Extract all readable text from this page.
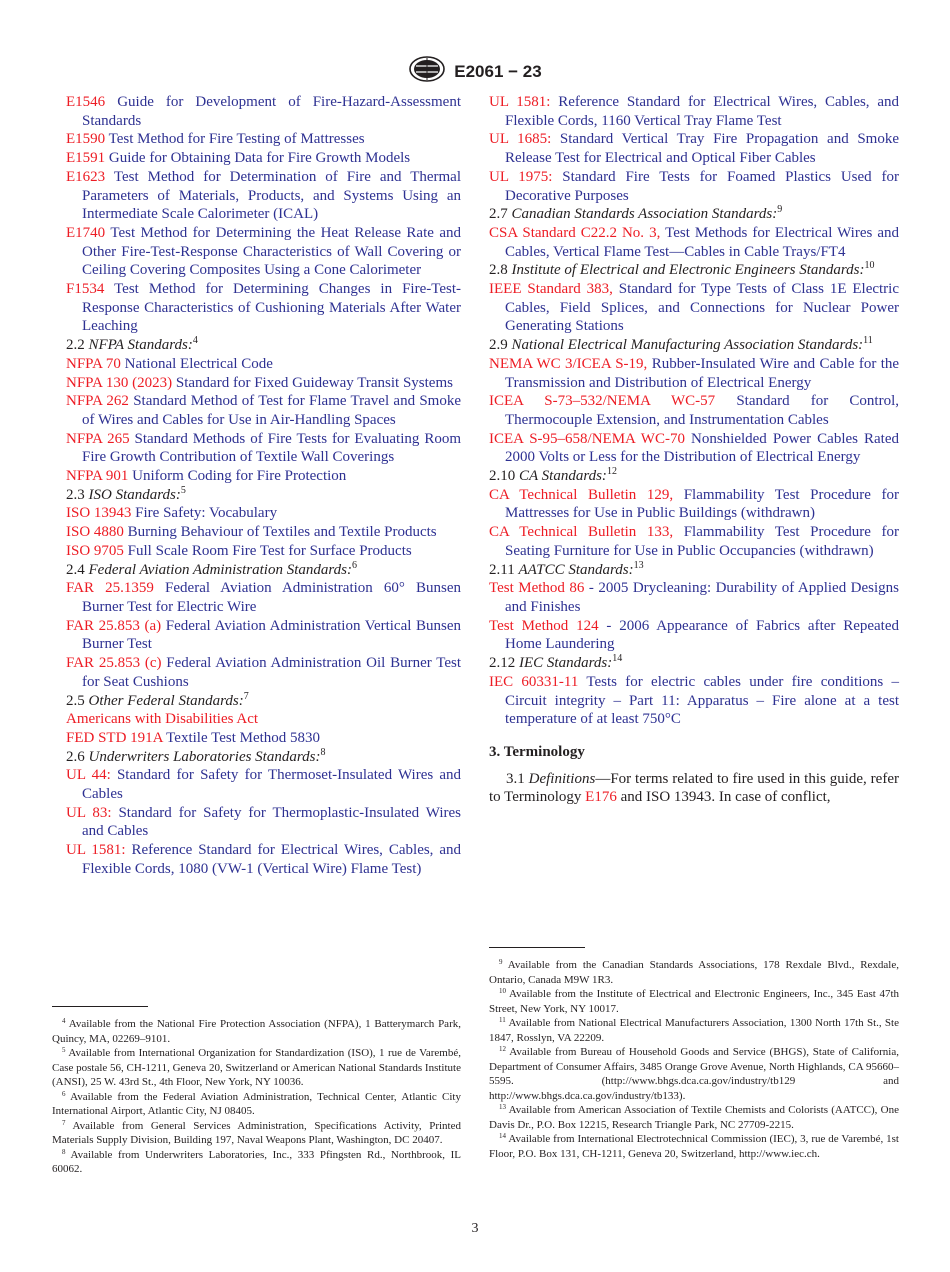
E2061 − 23
E1546 Guide for Development of Fire-Hazard-Assessment Standards
E1590 Test Method for Fire Testing of Mattresses
E1591 Guide for Obtaining Data for Fire Growth Models
E1623 Test Method for Determination of Fire and Thermal Parameters of Materials, Products, and Systems Using an Intermediate Scale Calorimeter (ICAL)
E1740 Test Method for Determining the Heat Release Rate and Other Fire-Test-Response Characteristics of Wall Covering or Ceiling Covering Composites Using a Cone Calorimeter
F1534 Test Method for Determining Changes in Fire-Test-Response Characteristics of Cushioning Materials After Water Leaching
2.2 NFPA Standards:$^4$
NFPA 70 National Electrical Code
NFPA 130 (2023) Standard for Fixed Guideway Transit Systems
NFPA 262 Standard Method of Test for Flame Travel and Smoke of Wires and Cables for Use in Air-Handling Spaces
NFPA 265 Standard Methods of Fire Tests for Evaluating Room Fire Growth Contribution of Textile Wall Coverings
NFPA 901 Uniform Coding for Fire Protection
2.3 ISO Standards:$^5$
ISO 13943 Fire Safety: Vocabulary
ISO 4880 Burning Behaviour of Textiles and Textile Products
ISO 9705 Full Scale Room Fire Test for Surface Products
2.4 Federal Aviation Administration Standards:$^6$
FAR 25.1359 Federal Aviation Administration 60° Bunsen Burner Test for Electric Wire
FAR 25.853 (a) Federal Aviation Administration Vertical Bunsen Burner Test
FAR 25.853 (c) Federal Aviation Administration Oil Burner Test for Seat Cushions
2.5 Other Federal Standards:$^7$
Americans with Disabilities Act
FED STD 191A Textile Test Method 5830
2.6 Underwriters Laboratories Standards:$^8$
UL 44: Standard for Safety for Thermoset-Insulated Wires and Cables
UL 83: Standard for Safety for Thermoplastic-Insulated Wires and Cables
UL 1581: Reference Standard for Electrical Wires, Cables, and Flexible Cords, 1080 (VW-1 (Vertical Wire) Flame Test)
UL 1581: Reference Standard for Electrical Wires, Cables, and Flexible Cords, 1160 Vertical Tray Flame Test
UL 1685: Standard Vertical Tray Fire Propagation and Smoke Release Test for Electrical and Optical Fiber Cables
UL 1975: Standard Fire Tests for Foamed Plastics Used for Decorative Purposes
2.7 Canadian Standards Association Standards:$^9$
CSA Standard C22.2 No. 3, Test Methods for Electrical Wires and Cables, Vertical Flame Test—Cables in Cable Trays/FT4
2.8 Institute of Electrical and Electronic Engineers Standards:$^{10}$
IEEE Standard 383, Standard for Type Tests of Class 1E Electric Cables, Field Splices, and Connections for Nuclear Power Generating Stations
2.9 National Electrical Manufacturing Association Standards:$^{11}$
NEMA WC 3/ICEA S-19, Rubber-Insulated Wire and Cable for the Transmission and Distribution of Electrical Energy
ICEA S-73–532/NEMA WC-57 Standard for Control, Thermocouple Extension, and Instrumentation Cables
ICEA S-95–658/NEMA WC-70 Nonshielded Power Cables Rated 2000 Volts or Less for the Distribution of Electrical Energy
2.10 CA Standards:$^{12}$
CA Technical Bulletin 129, Flammability Test Procedure for Mattresses for Use in Public Buildings (withdrawn)
CA Technical Bulletin 133, Flammability Test Procedure for Seating Furniture for Use in Public Occupancies (withdrawn)
2.11 AATCC Standards:$^{13}$
Test Method 86 - 2005 Drycleaning: Durability of Applied Designs and Finishes
Test Method 124 - 2006 Appearance of Fabrics after Repeated Home Laundering
2.12 IEC Standards:$^{14}$
IEC 60331-11 Tests for electric cables under fire conditions – Circuit integrity – Part 11: Apparatus – Fire alone at a test temperature of at least 750°C
3. Terminology
3.1 Definitions—For terms related to fire used in this guide, refer to Terminology E176 and ISO 13943. In case of conflict,

$^4$ Available from the National Fire Protection Association (NFPA), 1 Batterymarch Park, Quincy, MA, 02269–9101.

$^5$ Available from International Organization for Standardization (ISO), 1 rue de Varembé, Case postale 56, CH-1211, Geneva 20, Switzerland or American National Standards Institute (ANSI), 25 W. 43rd St., 4th Floor, New York, NY 10036.

$^6$ Available from the Federal Aviation Administration, Technical Center, Atlantic City International Airport, Atlantic City, NJ 08405.

$^7$ Available from General Services Administration, Specifications Activity, Printed Materials Supply Division, Building 197, Naval Weapons Plant, Washington, DC 20407.

$^8$ Available from Underwriters Laboratories, Inc., 333 Pfingsten Rd., Northbrook, IL 60062.

$^9$ Available from the Canadian Standards Associations, 178 Rexdale Blvd., Rexdale, Ontario, Canada M9W 1R3.

$^{10}$ Available from the Institute of Electrical and Electronic Engineers, Inc., 345 East 47th Street, New York, NY 10017.

$^{11}$ Available from National Electrical Manufacturers Association, 1300 North 17th St., Ste 1847, Rosslyn, VA 22209.

$^{12}$ Available from Bureau of Household Goods and Service (BHGS), State of California, Department of Consumer Affairs, 3485 Orange Grove Avenue, North Highlands, CA 95660–5595. (http://www.bhgs.dca.ca.gov/industry/tb129 and http://www.bhgs.dca.ca.gov/industry/tb133).

$^{13}$ Available from American Association of Textile Chemists and Colorists (AATCC), One Davis Dr., P.O. Box 12215, Research Triangle Park, NC 27709-2215.

$^{14}$ Available from International Electrotechnical Commission (IEC), 3, rue de Varembé, 1st Floor, P.O. Box 131, CH-1211, Geneva 20, Switzerland, http://www.iec.ch.

3
